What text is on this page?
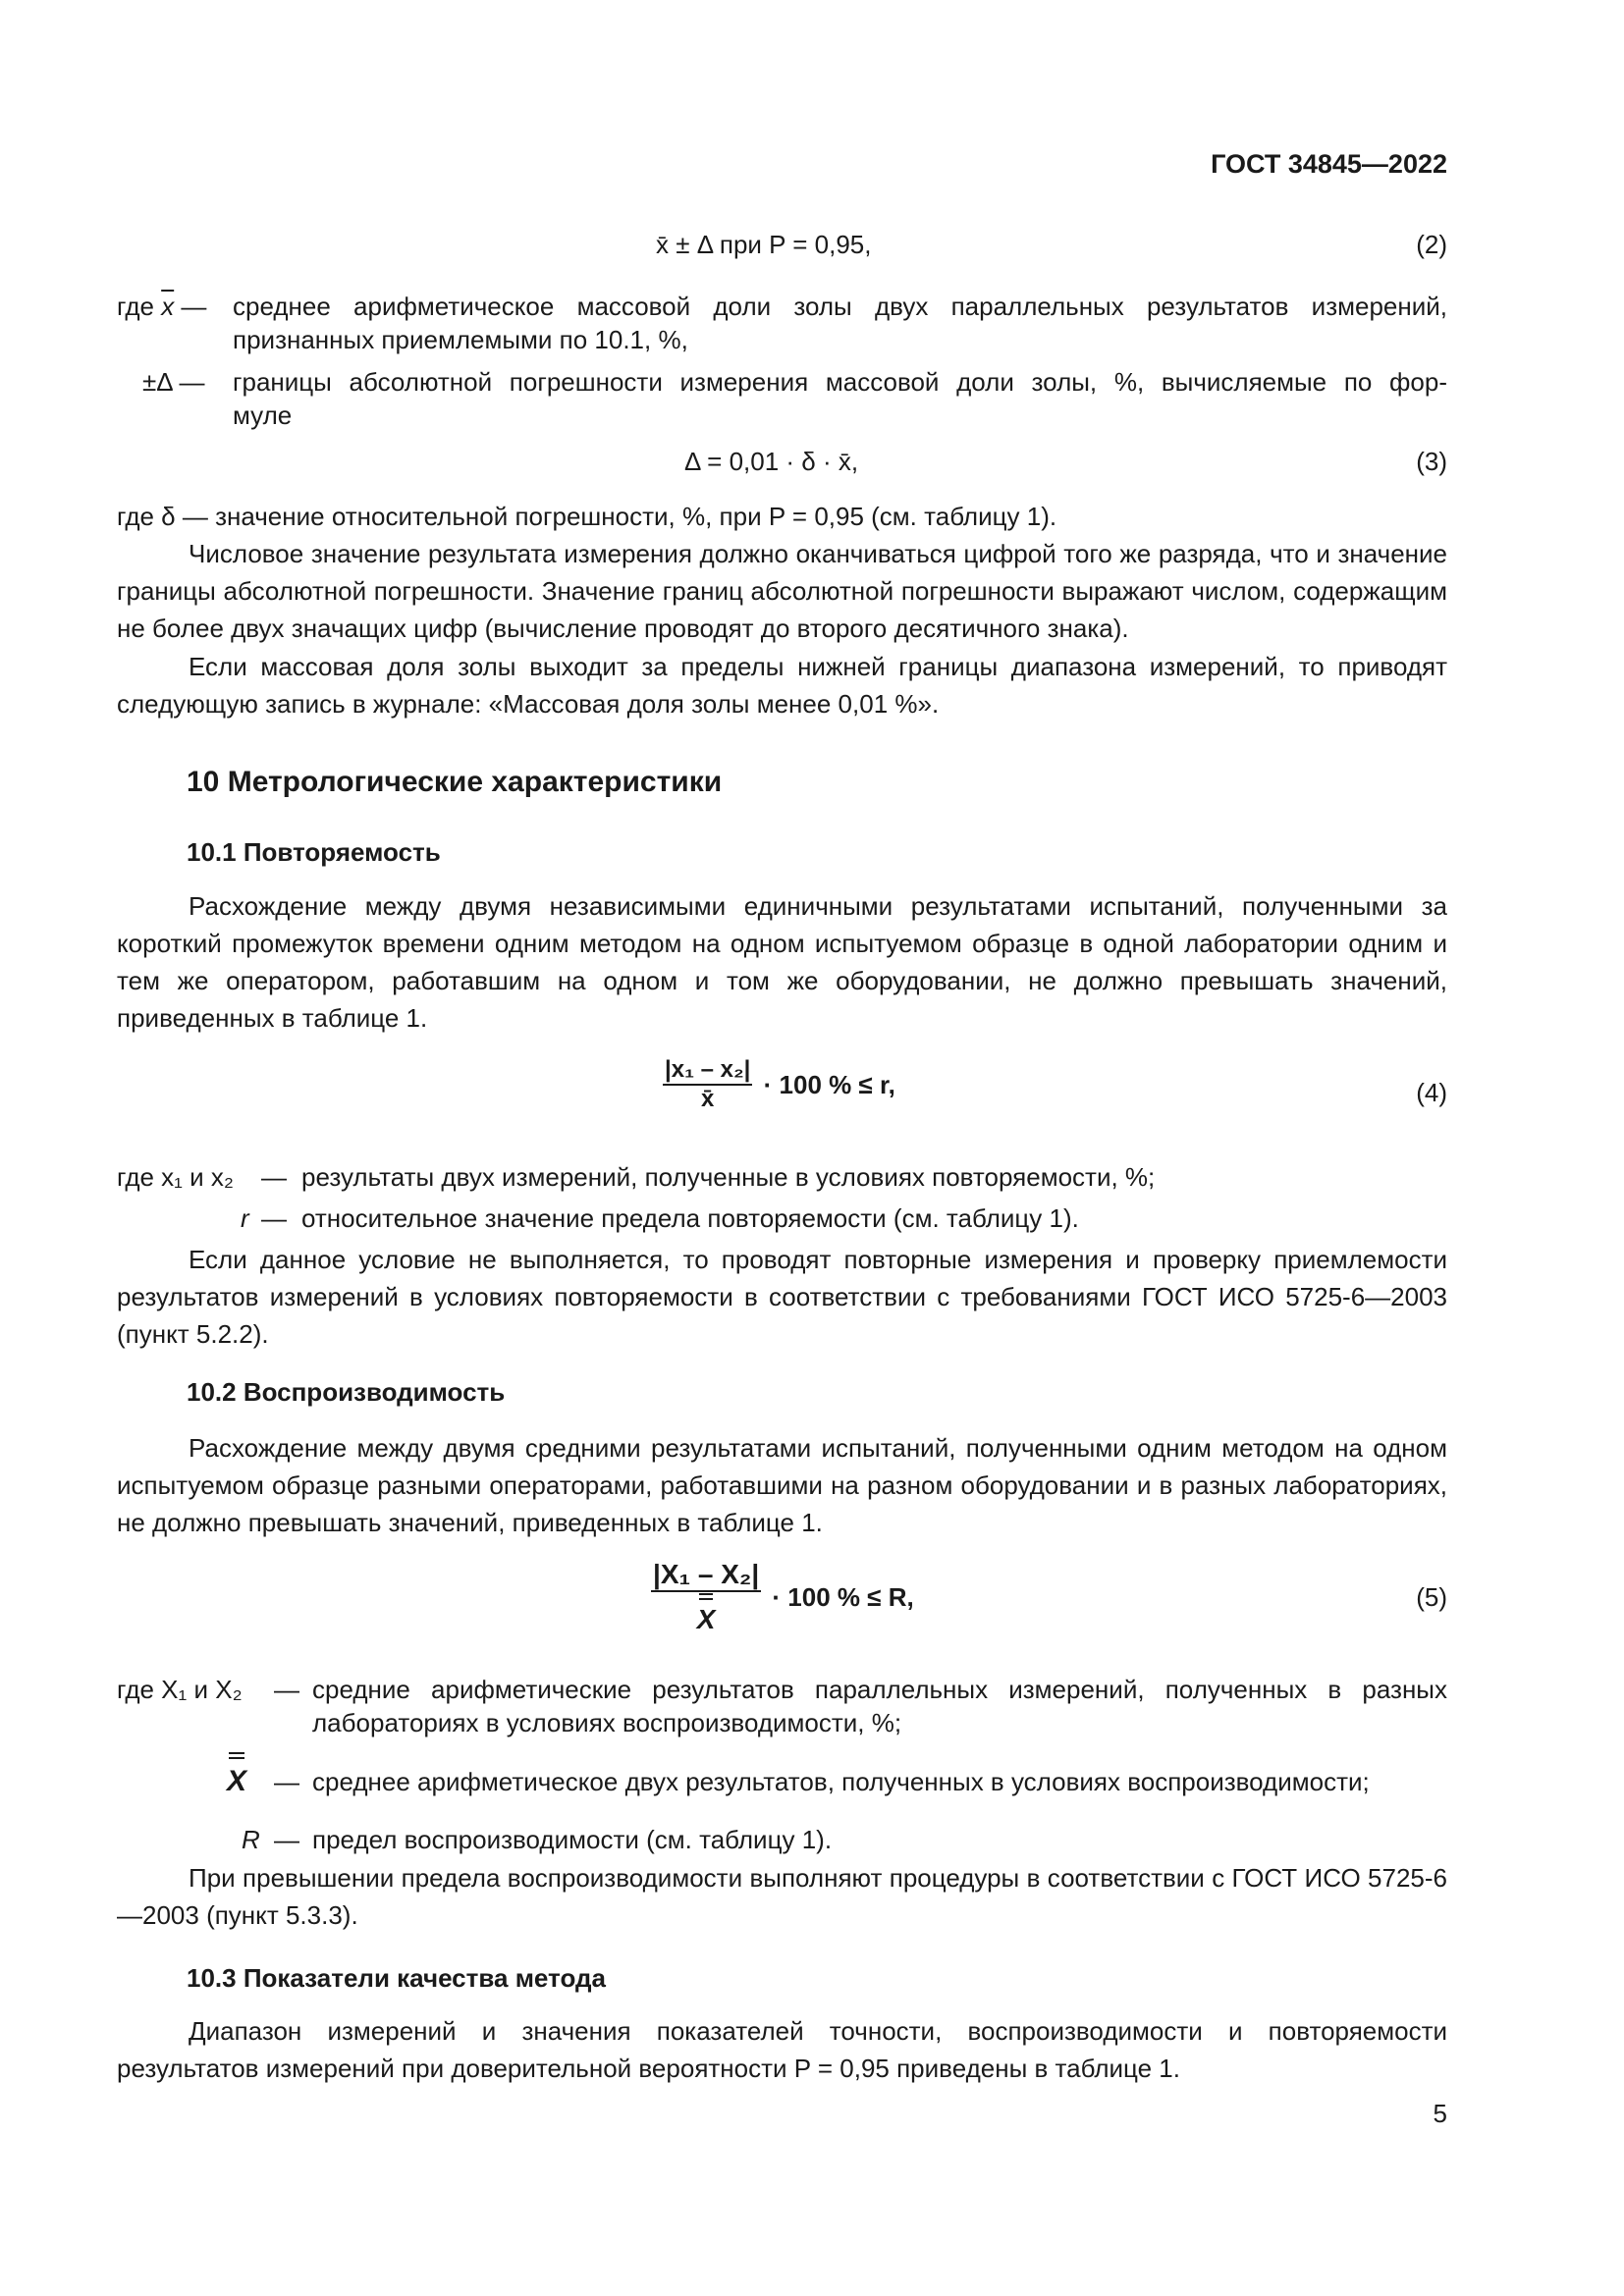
ГОСТ 34845—2022
x̄ ± Δ при P = 0,95,	(2)
где $\overline{x}$ — среднее арифметическое массовой доли золы двух параллельных результатов измерений,
признанных приемлемыми по 10.1, %,
±Δ — границы абсолютной погрешности измерения массовой доли золы, %, вычисляемые по фор-
муле
Δ = 0,01 · δ · x̄,	(3)
где δ — значение относительной погрешности, %, при P = 0,95 (см. таблицу 1).
Числовое значение результата измерения должно оканчиваться цифрой того же разряда, что и значение границы абсолютной погрешности. Значение границ абсолютной погрешности выражают числом, содержащим не более двух значащих цифр (вычисление проводят до второго десятичного знака).
Если массовая доля золы выходит за пределы нижней границы диапазона измерений, то приводят следующую запись в журнале: «Массовая доля золы менее 0,01 %».
10 Метрологические характеристики
10.1 Повторяемость
Расхождение между двумя независимыми единичными результатами испытаний, полученными за короткий промежуток времени одним методом на одном испытуемом образце в одной лаборатории одним и тем же оператором, работавшим на одном и том же оборудовании, не должно превышать значений, приведенных в таблице 1.
$\frac{\text{|x₁ – x₂|}}{x̄} \cdot 100$ % ≤ r,	(4)
где x₁ и x₂ — результаты двух измерений, полученные в условиях повторяемости, %;
r — относительное значение предела повторяемости (см. таблицу 1).
Если данное условие не выполняется, то проводят повторные измерения и проверку приемлемости результатов измерений в условиях повторяемости в соответствии с требованиями ГОСТ ИСО 5725-6—2003 (пункт 5.2.2).
10.2 Воспроизводимость
Расхождение между двумя средними результатами испытаний, полученными одним методом на одном испытуемом образце разными операторами, работавшими на разном оборудовании и в разных лабораториях, не должно превышать значений, приведенных в таблице 1.
$\frac{\text{|X₁ – X₂|}}{X} \cdot 100$ % ≤ R,	(5)
где X₁ и X₂ — средние арифметические результатов параллельных измерений, полученных в разных
лабораториях в условиях воспроизводимости, %;
X — среднее арифметическое двух результатов, полученных в условиях воспроизводимости;
R — предел воспроизводимости (см. таблицу 1).
При превышении предела воспроизводимости выполняют процедуры в соответствии с ГОСТ ИСО 5725-6—2003 (пункт 5.3.3).
10.3 Показатели качества метода
Диапазон измерений и значения показателей точности, воспроизводимости и повторяемости результатов измерений при доверительной вероятности P = 0,95 приведены в таблице 1.
5
